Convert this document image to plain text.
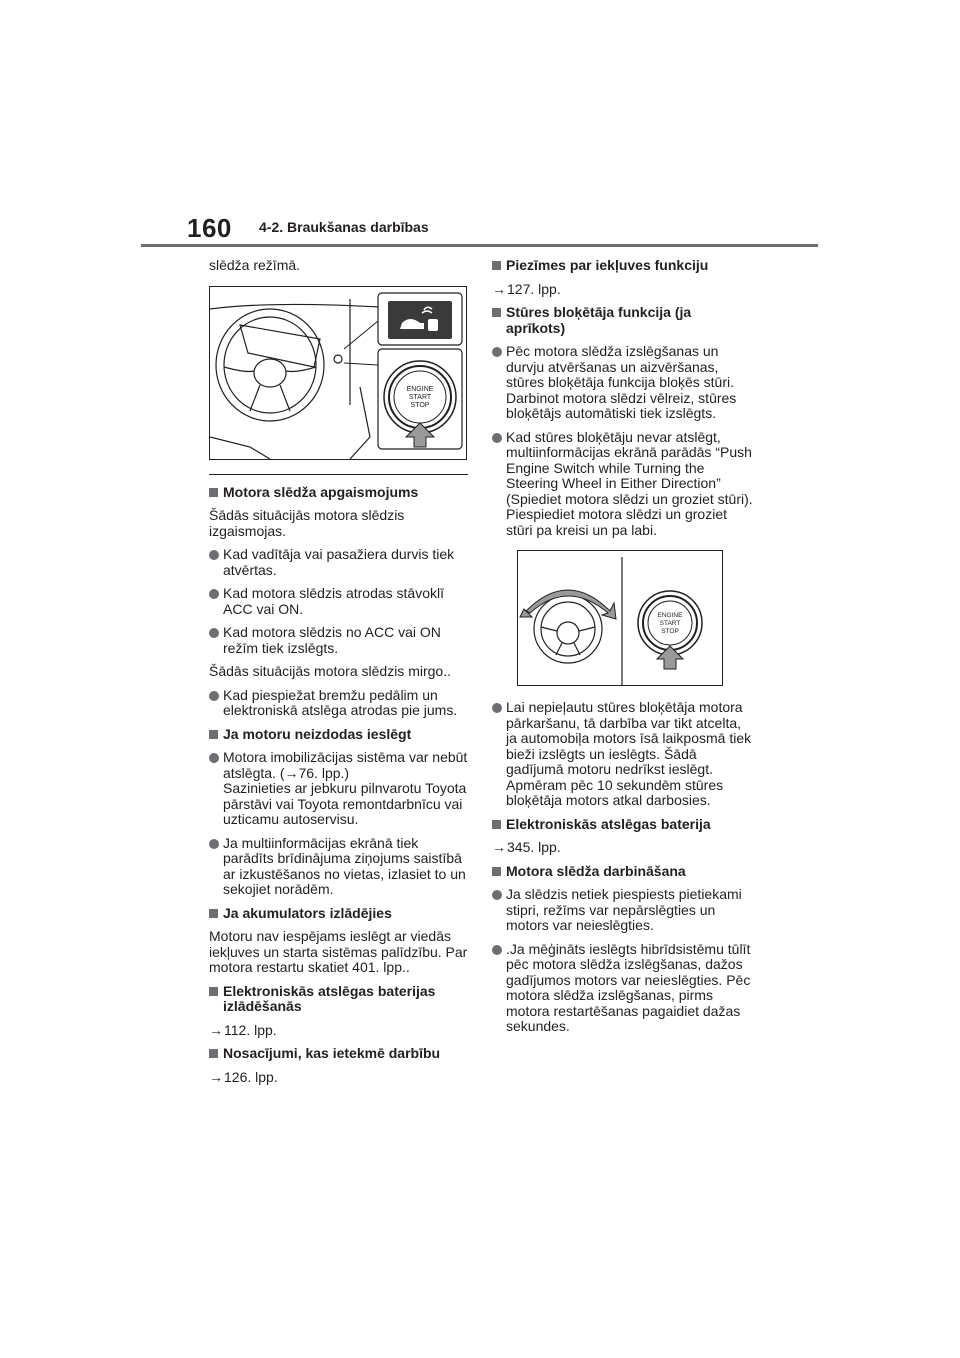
160 4-2. Braukšanas darbības

slēdža režīmā.

ENGINE
START
STOP

Motora slēdža apgaismojums

Šādās situācijās motora slēdzis izgaismojas.

Kad vadītāja vai pasažiera durvis tiek atvērtas.

Kad motora slēdzis atrodas stāvoklī ACC vai ON.

Kad motora slēdzis no ACC vai ON režīm tiek izslēgts.

Šādās situācijās motora slēdzis mirgo..

Kad piespiežat bremžu pedālim un elektroniskā atslēga atrodas pie jums.

Ja motoru neizdodas ieslēgt

Motora imobilizācijas sistēma var nebūt atslēgta. (→76. lpp.)
Sazinieties ar jebkuru pilnvarotu Toyota pārstāvi vai Toyota remontdarbnīcu vai uzticamu autoservisu.

Ja multiinformācijas ekrānā tiek parādīts brīdinājuma ziņojums saistībā ar izkustēšanos no vietas, izlasiet to un sekojiet norādēm.

Ja akumulators izlādējies

Motoru nav iespējams ieslēgt ar viedās iekļuves un starta sistēmas palīdzību. Par motora restartu skatiet 401. lpp..

Elektroniskās atslēgas baterijas izlādēšanās

→ 112. lpp.

Nosacījumi, kas ietekmē darbību

→ 126. lpp.

Piezīmes par iekļuves funkciju

→ 127. lpp.

Stūres bloķētāja funkcija (ja aprīkots)

Pēc motora slēdža izslēgšanas un durvju atvēršanas un aizvēršanas, stūres bloķētāja funkcija bloķēs stūri. Darbinot motora slēdzi vēlreiz, stūres bloķētājs automātiski tiek izslēgts.

Kad stūres bloķētāju nevar atslēgt, multiinformācijas ekrānā parādās “Push Engine Switch while Turning the Steering Wheel in Either Direction” (Spiediet motora slēdzi un groziet stūri).
Piespiediet motora slēdzi un groziet stūri pa kreisi un pa labi.

ENGINE
START
STOP

Lai nepieļautu stūres bloķētāja motora pārkaršanu, tā darbība var tikt atcelta, ja automobiļa motors īsā laikposmā tiek bieži izslēgts un ieslēgts. Šādā gadījumā motoru nedrīkst ieslēgt. Apmēram pēc 10 sekundēm stūres bloķētāja motors atkal darbosies.

Elektroniskās atslēgas baterija

→ 345. lpp.

Motora slēdža darbināšana

Ja slēdzis netiek piespiests pietiekami stipri, režīms var nepārslēgties un motors var neieslēgties.

.Ja mēģināts ieslēgts hibrīdsistēmu tūlīt pēc motora slēdža izslēgšanas, dažos gadījumos motors var neieslēgties. Pēc motora slēdža izslēgšanas, pirms motora restartēšanas pagaidiet dažas sekundes.
